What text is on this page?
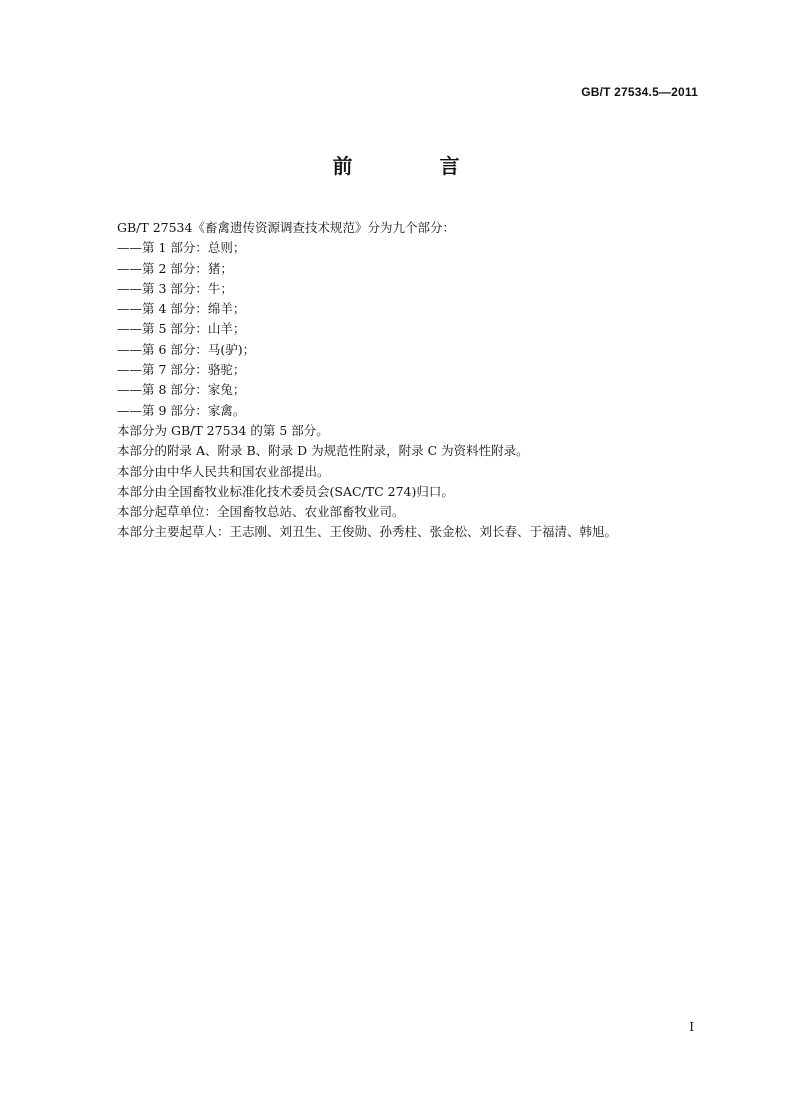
GB/T 27534.5—2011
前 言
GB/T 27534《畜禽遗传资源调查技术规范》分为九个部分：
——第 1 部分：总则；
——第 2 部分：猪；
——第 3 部分：牛；
——第 4 部分：绵羊；
——第 5 部分：山羊；
——第 6 部分：马(驴)；
——第 7 部分：骆驼；
——第 8 部分：家兔；
——第 9 部分：家禽。
本部分为 GB/T 27534 的第 5 部分。
本部分的附录 A、附录 B、附录 D 为规范性附录，附录 C 为资料性附录。
本部分由中华人民共和国农业部提出。
本部分由全国畜牧业标准化技术委员会(SAC/TC 274)归口。
本部分起草单位：全国畜牧总站、农业部畜牧业司。
本部分主要起草人：王志刚、刘丑生、王俊勋、孙秀柱、张金松、刘长春、于福清、韩旭。
I
